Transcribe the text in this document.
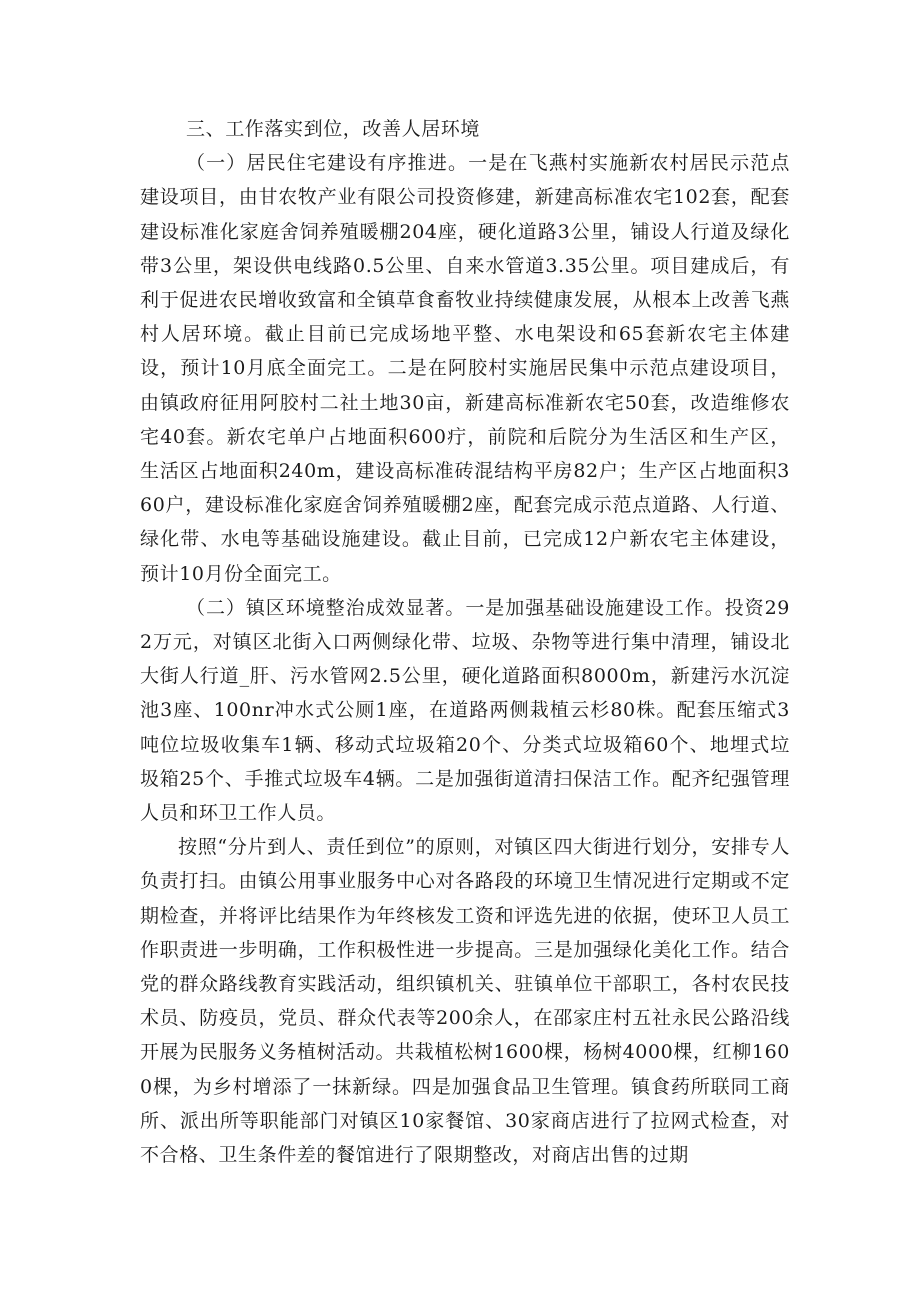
三、工作落实到位，改善人居环境

（一）居民住宅建设有序推进。一是在飞燕村实施新农村居民示范点建设项目，由甘农牧产业有限公司投资修建，新建高标准农宅102套，配套建设标准化家庭舍饲养殖暖棚204座，硬化道路3公里，铺设人行道及绿化带3公里，架设供电线路0.5公里、自来水管道3.35公里。项目建成后，有利于促进农民增收致富和全镇草食畜牧业持续健康发展，从根本上改善飞燕村人居环境。截止目前已完成场地平整、水电架设和65套新农宅主体建设，预计10月底全面完工。二是在阿胶村实施居民集中示范点建设项目，由镇政府征用阿胶村二社土地30亩，新建高标准新农宅50套，改造维修农宅40套。新农宅单户占地面积600疔，前院和后院分为生活区和生产区，生活区占地面积240m，建设高标准砖混结构平房82户；生产区占地面积360户，建设标准化家庭舍饲养殖暖棚2座，配套完成示范点道路、人行道、绿化带、水电等基础设施建设。截止目前，已完成12户新农宅主体建设，预计10月份全面完工。

（二）镇区环境整治成效显著。一是加强基础设施建设工作。投资292万元，对镇区北街入口两侧绿化带、垃圾、杂物等进行集中清理，铺设北大街人行道_肝、污水管网2.5公里，硬化道路面积8000m，新建污水沉淀池3座、100nr冲水式公厕1座，在道路两侧栽植云杉80株。配套压缩式3吨位垃圾收集车1辆、移动式垃圾箱20个、分类式垃圾箱60个、地埋式垃圾箱25个、手推式垃圾车4辆。二是加强街道清扫保洁工作。配齐纪强管理人员和环卫工作人员。

按照“分片到人、责任到位”的原则，对镇区四大街进行划分，安排专人负责打扫。由镇公用事业服务中心对各路段的环境卫生情况进行定期或不定期检查，并将评比结果作为年终核发工资和评选先进的依据，使环卫人员工作职责进一步明确，工作积极性进一步提高。三是加强绿化美化工作。结合党的群众路线教育实践活动，组织镇机关、驻镇单位干部职工，各村农民技术员、防疫员，党员、群众代表等200余人，在邵家庄村五社永民公路沿线开展为民服务义务植树活动。共栽植松树1600棵，杨树4000棵，红柳1600棵，为乡村增添了一抹新绿。四是加强食品卫生管理。镇食药所联同工商所、派出所等职能部门对镇区10家餐馆、30家商店进行了拉网式检查，对不合格、卫生条件差的餐馆进行了限期整改，对商店出售的过期
